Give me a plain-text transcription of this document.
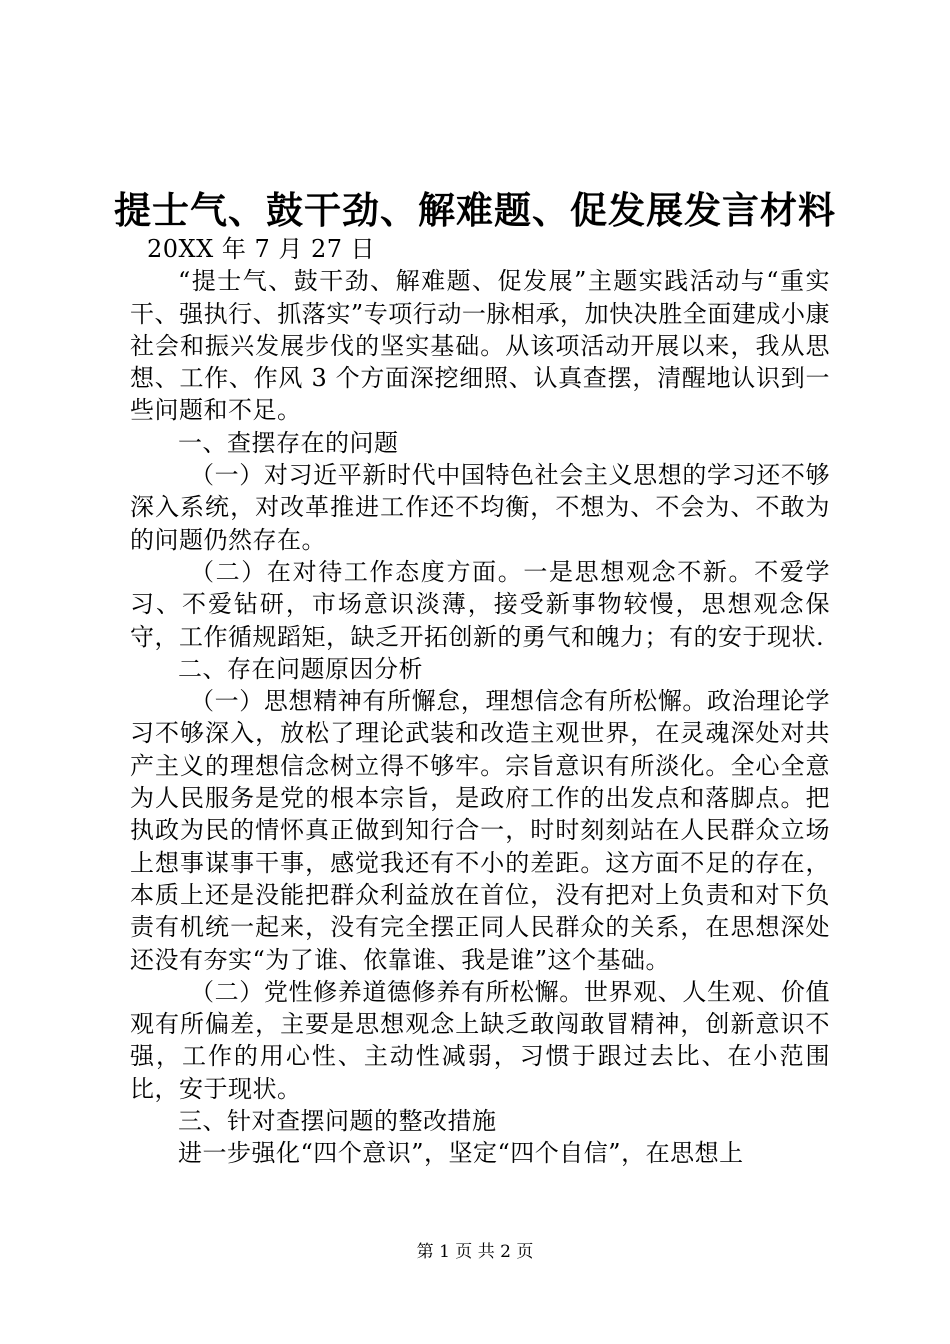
提士气、鼓干劲、解难题、促发展发言材料

20XX 年 7 月 27 日

“提士气、鼓干劲、解难题、促发展”主题实践活动与“重实干、强执行、抓落实”专项行动一脉相承，加快决胜全面建成小康社会和振兴发展步伐的坚实基础。从该项活动开展以来，我从思想、工作、作风 3 个方面深挖细照、认真查摆，清醒地认识到一些问题和不足。

一、查摆存在的问题

（一）对习近平新时代中国特色社会主义思想的学习还不够深入系统，对改革推进工作还不均衡，不想为、不会为、不敢为的问题仍然存在。

（二）在对待工作态度方面。一是思想观念不新。不爱学习、不爱钻研，市场意识淡薄，接受新事物较慢，思想观念保守，工作循规蹈矩，缺乏开拓创新的勇气和魄力；有的安于现状.

二、存在问题原因分析

（一）思想精神有所懈怠，理想信念有所松懈。政治理论学习不够深入，放松了理论武装和改造主观世界，在灵魂深处对共产主义的理想信念树立得不够牢。宗旨意识有所淡化。全心全意为人民服务是党的根本宗旨，是政府工作的出发点和落脚点。把执政为民的情怀真正做到知行合一，时时刻刻站在人民群众立场上想事谋事干事，感觉我还有不小的差距。这方面不足的存在，本质上还是没能把群众利益放在首位，没有把对上负责和对下负责有机统一起来，没有完全摆正同人民群众的关系，在思想深处还没有夯实“为了谁、依靠谁、我是谁”这个基础。

（二）党性修养道德修养有所松懈。世界观、人生观、价值观有所偏差，主要是思想观念上缺乏敢闯敢冒精神，创新意识不强，工作的用心性、主动性减弱，习惯于跟过去比、在小范围比，安于现状。

三、针对查摆问题的整改措施

进一步强化“四个意识”，坚定“四个自信”，在思想上

第 1 页 共 2 页
